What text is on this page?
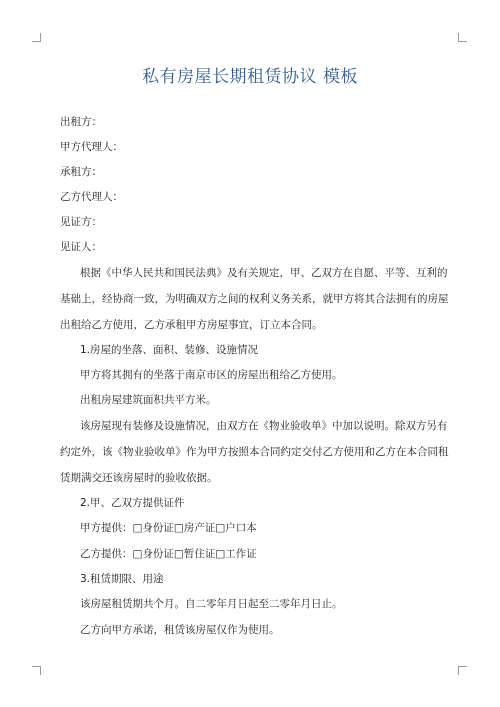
私有房屋长期租赁协议 模板
出租方：
甲方代理人：
承租方：
乙方代理人：
见证方：
见证人：
根据《中华人民共和国民法典》及有关规定，甲、乙双方在自愿、平等、互利的
基础上，经协商一致，为明确双方之间的权利义务关系，就甲方将其合法拥有的房屋
出租给乙方使用，乙方承租甲方房屋事宜，订立本合同。
1.房屋的坐落、面积、装修、设施情况
甲方将其拥有的坐落于南京市区的房屋出租给乙方使用。
出租房屋建筑面积共平方米。
该房屋现有装修及设施情况，由双方在《物业验收单》中加以说明。除双方另有
约定外，该《物业验收单》作为甲方按照本合同约定交付乙方使用和乙方在本合同租
赁期满交还该房屋时的验收依据。
2.甲、乙双方提供证件
甲方提供：□身份证□房产证□户口本
乙方提供：□身份证□暂住证□工作证
3.租赁期限、用途
该房屋租赁期共个月。自二零年月日起至二零年月日止。
乙方向甲方承诺，租赁该房屋仅作为使用。
